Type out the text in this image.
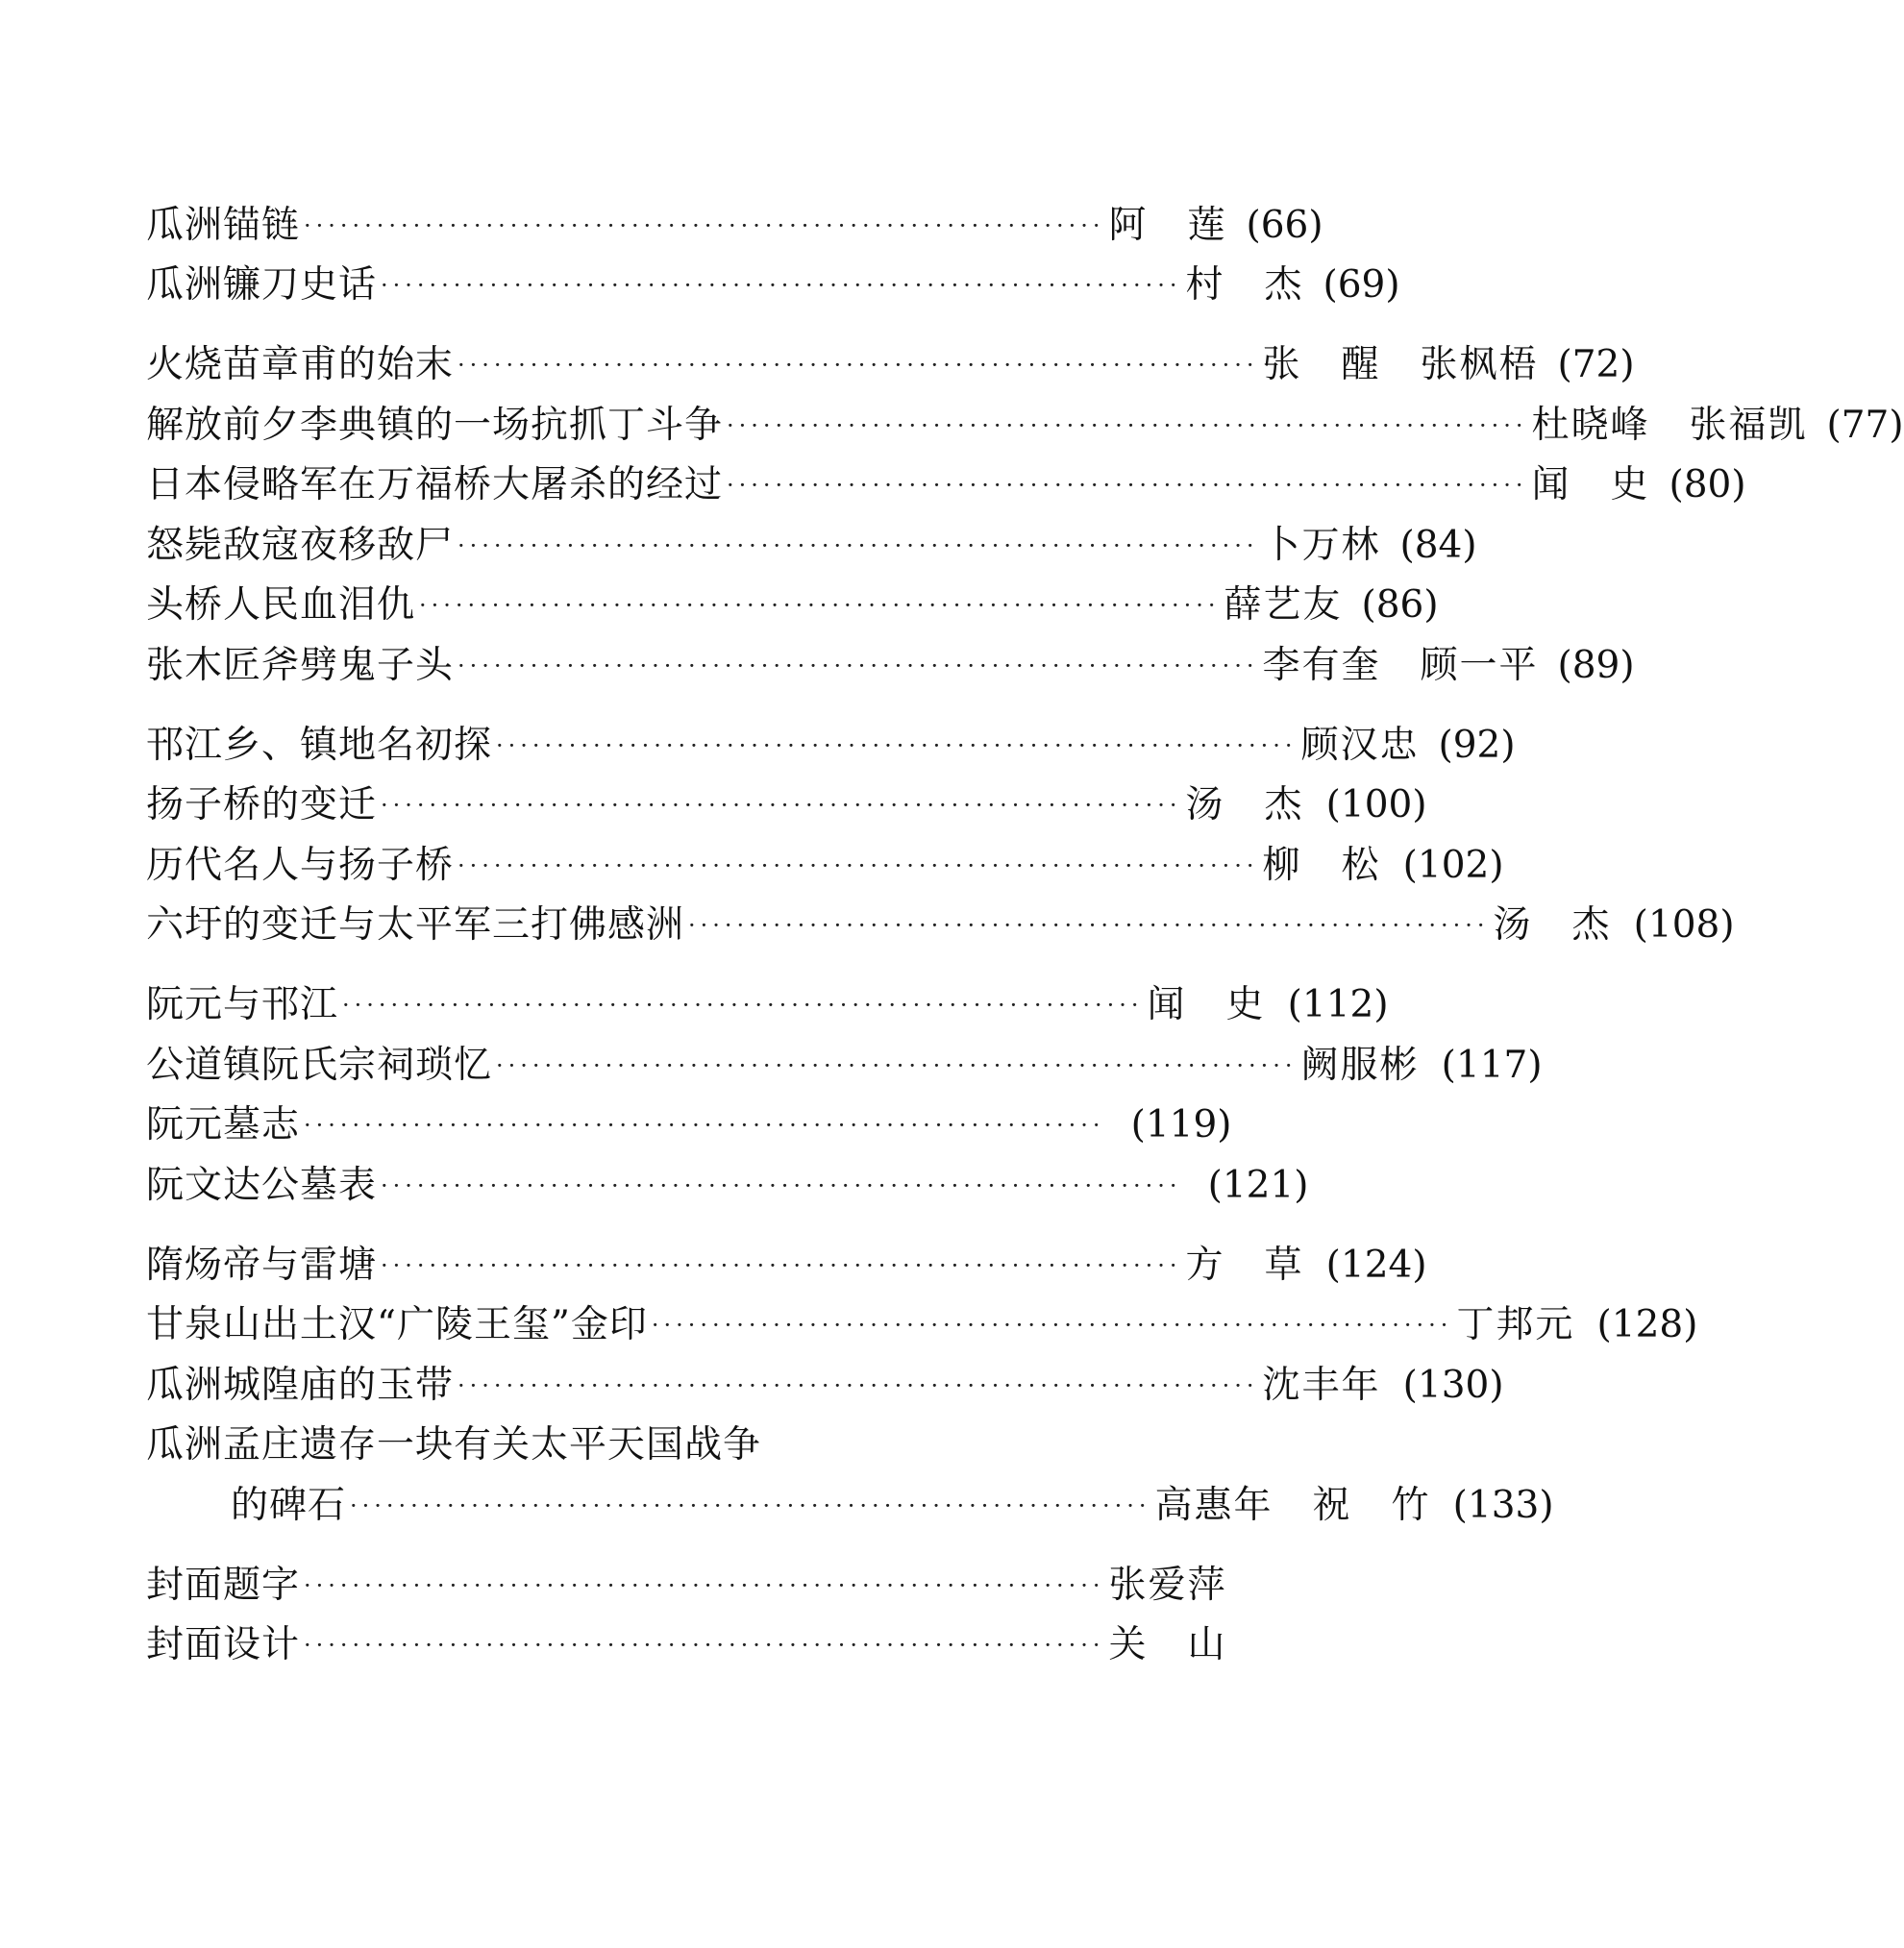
瓜洲锚链 ·································································· 阿　莲 (66)
瓜洲镰刀史话 ·································································· 村　杰 (69)
火烧苗章甫的始末 ·································································· 张　醒　张枫梧 (72)
解放前夕李典镇的一场抗抓丁斗争 ·································································· 杜晓峰　张福凯 (77)
日本侵略军在万福桥大屠杀的经过 ·································································· 闻　史 (80)
怒毙敌寇夜移敌尸 ·································································· 卜万林 (84)
头桥人民血泪仇 ·································································· 薛艺友 (86)
张木匠斧劈鬼子头 ·································································· 李有奎　顾一平 (89)
邗江乡、镇地名初探 ·································································· 顾汉忠 (92)
扬子桥的变迁 ·································································· 汤　杰 (100)
历代名人与扬子桥 ·································································· 柳　松 (102)
六圩的变迁与太平军三打佛感洲 ·································································· 汤　杰 (108)
阮元与邗江 ·································································· 闻　史 (112)
公道镇阮氏宗祠琐忆 ·································································· 阙服彬 (117)
阮元墓志 ·································································· (119)
阮文达公墓表 ·································································· (121)
隋炀帝与雷塘 ·································································· 方　草 (124)
甘泉山出土汉“广陵王玺”金印 ·································································· 丁邦元 (128)
瓜洲城隍庙的玉带 ·································································· 沈丰年 (130)
瓜洲孟庄遗存一块有关太平天国战争
的碑石 ·································································· 高惠年　祝　竹 (133)
封面题字 ·································································· 张爱萍
封面设计 ·································································· 关　山
